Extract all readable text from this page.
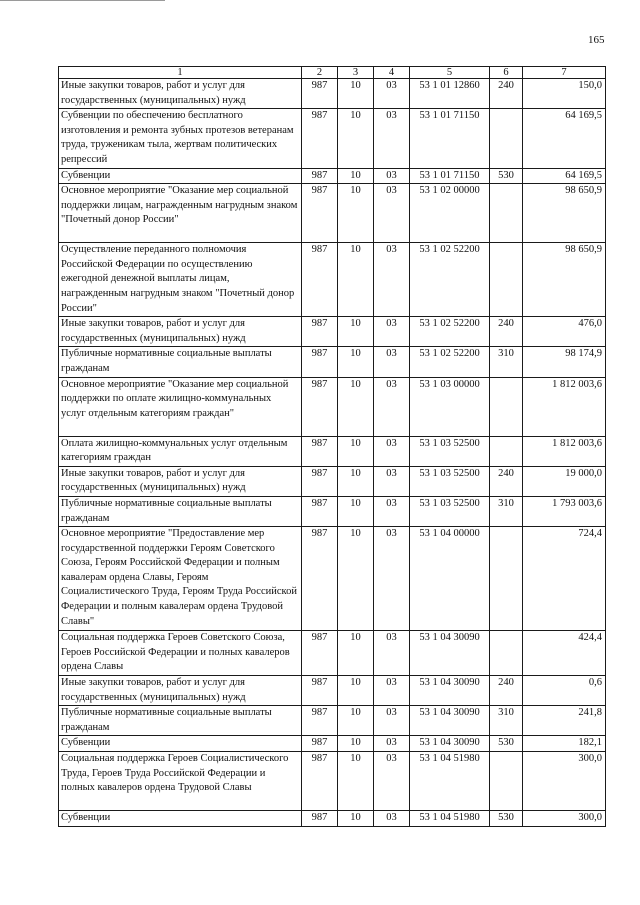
165
1	2	3	4	5	6	7
Иные закупки товаров, работ и услуг для государственных (муниципальных) нужд	987	10	03	53 1 01 12860	240	150,0
Субвенции по обеспечению бесплатного изготовления и ремонта зубных протезов ветеранам труда, труженикам тыла, жертвам политических репрессий	987	10	03	53 1 01 71150		64 169,5
Субвенции	987	10	03	53 1 01 71150	530	64 169,5
Основное мероприятие "Оказание мер социальной поддержки лицам, награжденным нагрудным знаком "Почетный донор России"	987	10	03	53 1 02 00000		98 650,9
Осуществление переданного полномочия Российской Федерации по осуществлению ежегодной денежной выплаты лицам, награжденным нагрудным знаком "Почетный донор России"	987	10	03	53 1 02 52200		98 650,9
Иные закупки товаров, работ и услуг для государственных (муниципальных) нужд	987	10	03	53 1 02 52200	240	476,0
Публичные нормативные социальные выплаты гражданам	987	10	03	53 1 02 52200	310	98 174,9
Основное мероприятие "Оказание мер социальной поддержки по оплате жилищно-коммунальных услуг отдельным категориям граждан"	987	10	03	53 1 03 00000		1 812 003,6
Оплата жилищно-коммунальных услуг отдельным категориям граждан	987	10	03	53 1 03 52500		1 812 003,6
Иные закупки товаров, работ и услуг для государственных (муниципальных) нужд	987	10	03	53 1 03 52500	240	19 000,0
Публичные нормативные социальные выплаты гражданам	987	10	03	53 1 03 52500	310	1 793 003,6
Основное мероприятие "Предоставление мер государственной поддержки Героям Советского Союза, Героям Российской Федерации и полным кавалерам ордена Славы, Героям Социалистического Труда, Героям Труда Российской Федерации и полным кавалерам ордена Трудовой Славы"	987	10	03	53 1 04 00000		724,4
Социальная поддержка Героев Советского Союза, Героев Российской Федерации и полных кавалеров ордена Славы	987	10	03	53 1 04 30090		424,4
Иные закупки товаров, работ и услуг для государственных (муниципальных) нужд	987	10	03	53 1 04 30090	240	0,6
Публичные нормативные социальные выплаты гражданам	987	10	03	53 1 04 30090	310	241,8
Субвенции	987	10	03	53 1 04 30090	530	182,1
Социальная поддержка Героев Социалистического Труда, Героев Труда Российской Федерации и полных кавалеров ордена Трудовой Славы	987	10	03	53 1 04 51980		300,0
Субвенции	987	10	03	53 1 04 51980	530	300,0
